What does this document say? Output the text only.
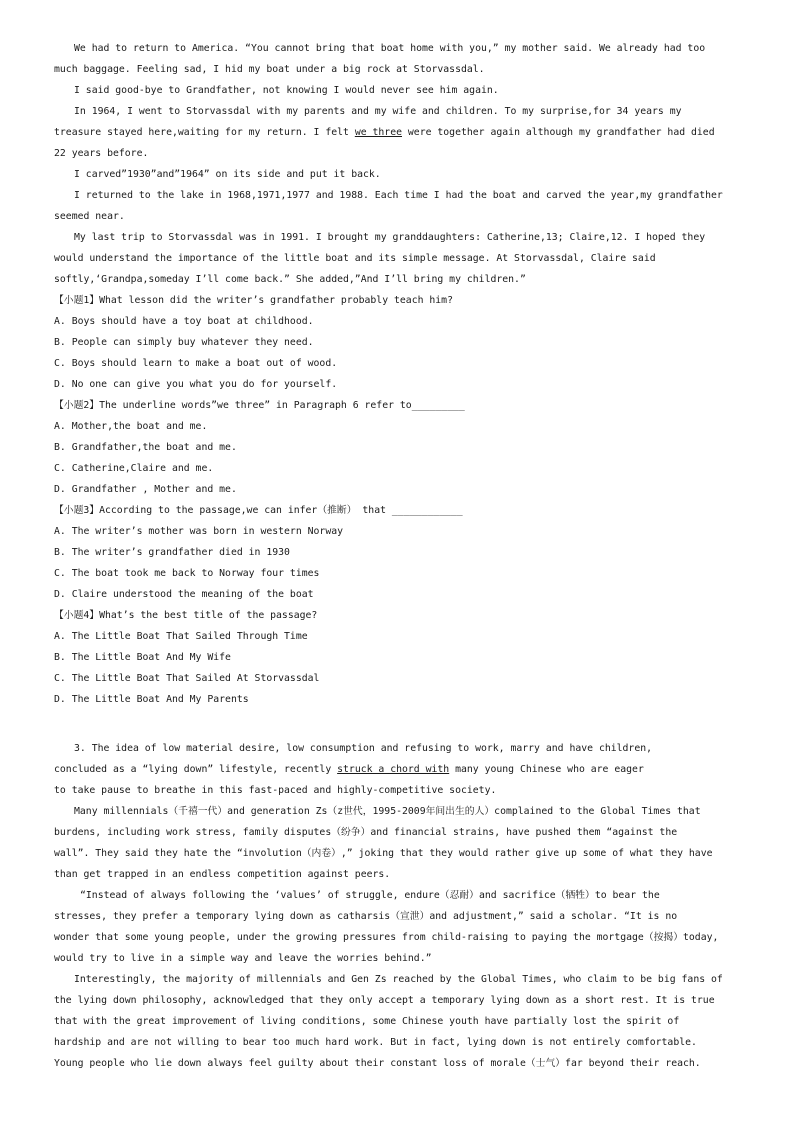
We had to return to America. “You cannot bring that boat home with you,” my mother said. We already had too
much baggage. Feeling sad, I hid my boat under a big rock at Storvassdal.
I said good-bye to Grandfather, not knowing I would never see him again.
In 1964, I went to Storvassdal with my parents and my wife and children. To my surprise,for 34 years my
treasure stayed here,waiting for my return. I felt we three were together again although my grandfather had died
22 years before.
I carved”1930”and”1964” on its side and put it back.
I returned to the lake in 1968,1971,1977 and 1988. Each time I had the boat and carved the year,my grandfather
seemed near.
My last trip to Storvassdal was in 1991. I brought my granddaughters: Catherine,13; Claire,12. I hoped they
would understand the importance of the little boat and its simple message. At Storvassdal, Claire said
softly,‘Grandpa,someday I’ll come back.” She added,”And I’ll bring my children.”
【小题1】What lesson did the writer’s grandfather probably teach him?
A. Boys should have a toy boat at childhood.
B. People can simply buy whatever they need.
C. Boys should learn to make a boat out of wood.
D. No one can give you what you do for yourself.
【小题2】The underline words”we three” in Paragraph 6 refer to_________
A. Mother,the boat and me.
B. Grandfather,the boat and me.
C. Catherine,Claire and me.
D. Grandfather , Mother and me.
【小题3】According to the passage,we can infer（推断） that ____________
A. The writer’s mother was born in western Norway
B. The writer’s grandfather died in 1930
C. The boat took me back to Norway four times
D. Claire understood the meaning of the boat
【小题4】What’s the best title of the passage?
A. The Little Boat That Sailed Through Time
B. The Little Boat And My Wife
C. The Little Boat That Sailed At Storvassdal
D. The Little Boat And My Parents
3. The idea of low material desire, low consumption and refusing to work, marry and have children,
concluded as a “lying down” lifestyle, recently struck a chord with many young Chinese who are eager
to take pause to breathe in this fast-paced and highly-competitive society.
Many millennials（千禧一代）and generation Zs（z世代，1995-2009年间出生的人）complained to the Global Times that
burdens, including work stress, family disputes（纷争）and financial strains, have pushed them “against the
wall”. They said they hate the “involution（内卷）,” joking that they would rather give up some of what they have
than get trapped in an endless competition against peers.
“Instead of always following the ‘values’ of struggle, endure（忍耐）and sacrifice（牺牲）to bear the
stresses, they prefer a temporary lying down as catharsis（宣泄）and adjustment,” said a scholar. “It is no
wonder that some young people, under the growing pressures from child-raising to paying the mortgage（按揭）today,
would try to live in a simple way and leave the worries behind.”
Interestingly, the majority of millennials and Gen Zs reached by the Global Times, who claim to be big fans of
the lying down philosophy, acknowledged that they only accept a temporary lying down as a short rest. It is true
that with the great improvement of living conditions, some Chinese youth have partially lost the spirit of
hardship and are not willing to bear too much hard work. But in fact, lying down is not entirely comfortable.
Young people who lie down always feel guilty about their constant loss of morale（士气）far beyond their reach.
